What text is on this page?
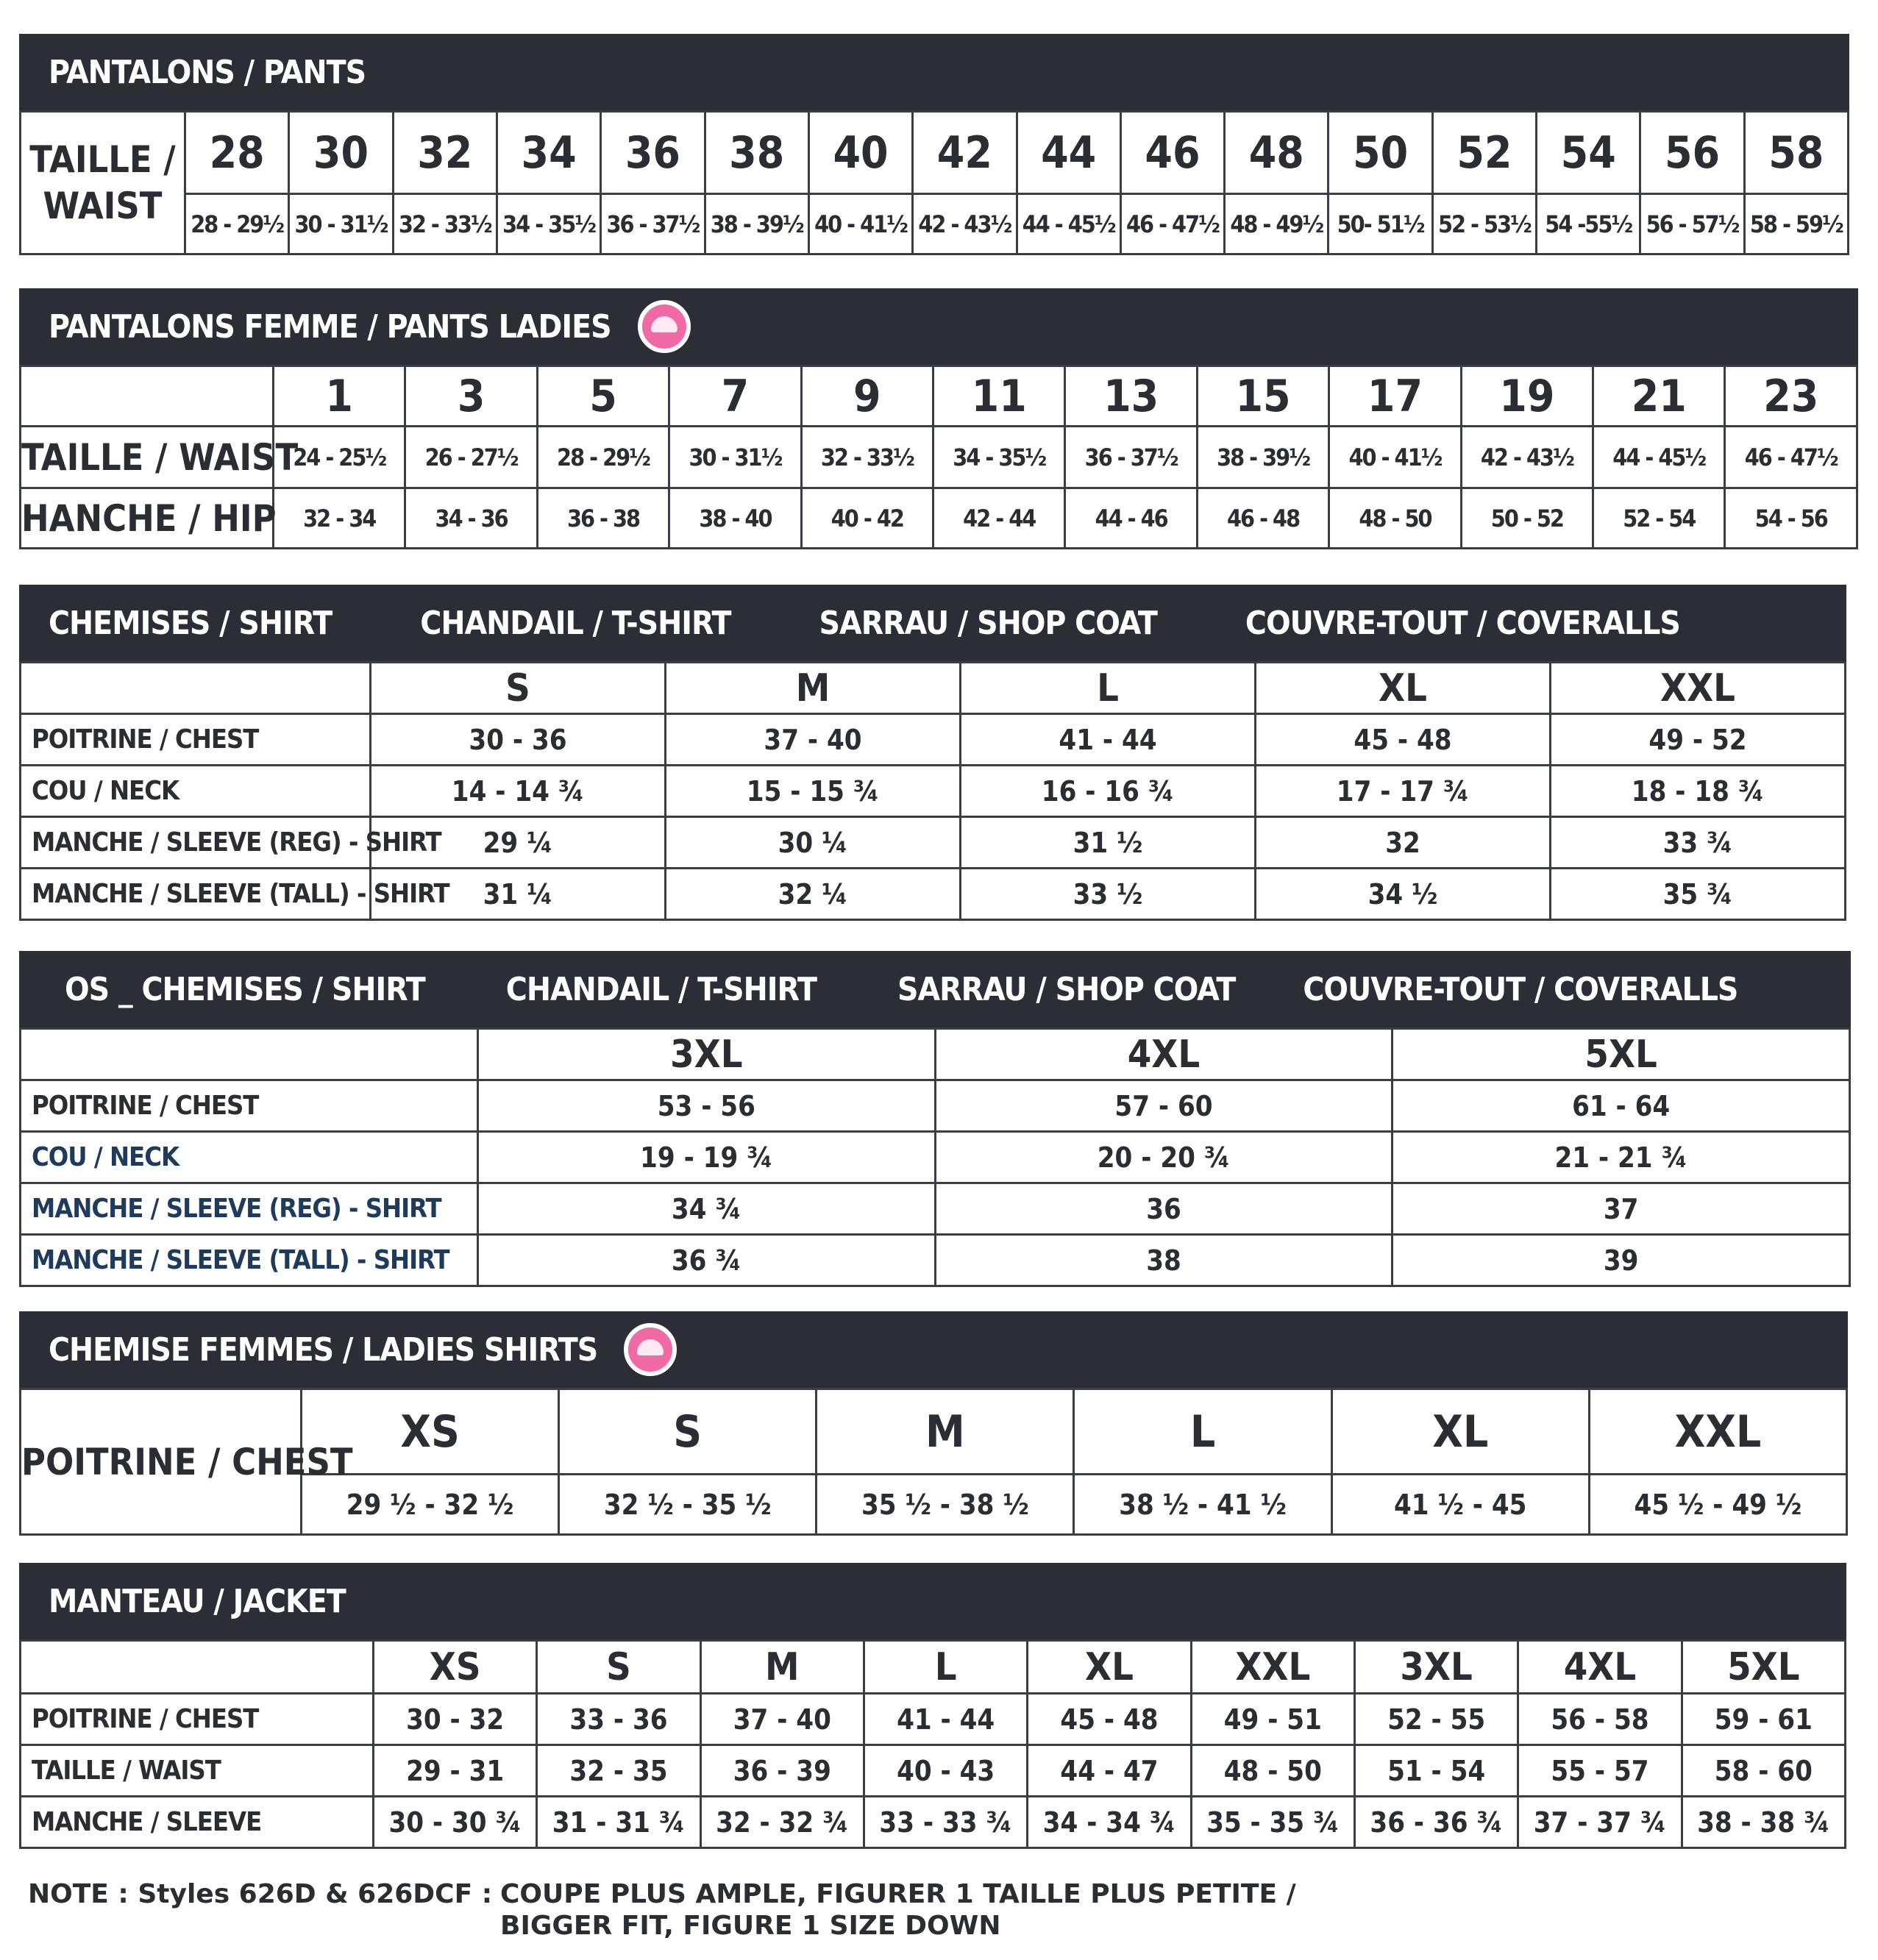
PANTALONS / PANTS
TAILLE / WAIST	28	30	32	34	36	38	40	42	44	46	48	50	52	54	56	58
	28 - 29½	30 - 31½	32 - 33½	34 - 35½	36 - 37½	38 - 39½	40 - 41½	42 - 43½	44 - 45½	46 - 47½	48 - 49½	50- 51½	52 - 53½	54 -55½	56 - 57½	58 - 59½
PANTALONS FEMME / PANTS LADIES
	1	3	5	7	9	11	13	15	17	19	21	23
TAILLE / WAIST	24 - 25½	26 - 27½	28 - 29½	30 - 31½	32 - 33½	34 - 35½	36 - 37½	38 - 39½	40 - 41½	42 - 43½	44 - 45½	46 - 47½
HANCHE / HIP	32 - 34	34 - 36	36 - 38	38 - 40	40 - 42	42 - 44	44 - 46	46 - 48	48 - 50	50 - 52	52 - 54	54 - 56
CHEMISES / SHIRT	CHANDAIL / T-SHIRT	SARRAU / SHOP COAT	COUVRE-TOUT / COVERALLS
	S	M	L	XL	XXL
POITRINE / CHEST	30 - 36	37 - 40	41 - 44	45 - 48	49 - 52
COU / NECK	14 - 14 ¾	15 - 15 ¾	16 - 16 ¾	17 - 17 ¾	18 - 18 ¾
MANCHE / SLEEVE (REG) - SHIRT	29 ¼	30 ¼	31 ½	32	33 ¾
MANCHE / SLEEVE (TALL) - SHIRT	31 ¼	32 ¼	33 ½	34 ½	35 ¾
OS _ CHEMISES / SHIRT	CHANDAIL / T-SHIRT	SARRAU / SHOP COAT COUVRE-TOUT / COVERALLS
	3XL	4XL	5XL
POITRINE / CHEST	53 - 56	57 - 60	61 - 64
COU / NECK	19 - 19 ¾	20 - 20 ¾	21 - 21 ¾
MANCHE / SLEEVE (REG) - SHIRT	34 ¾	36	37
MANCHE / SLEEVE (TALL) - SHIRT	36 ¾	38	39
CHEMISE FEMMES / LADIES SHIRTS
POITRINE / CHEST	XS	S	M	L	XL	XXL
	29 ½ - 32 ½	32 ½ - 35 ½	35 ½ - 38 ½	38 ½ - 41 ½	41 ½ - 45	45 ½ - 49 ½
MANTEAU / JACKET
	XS	S	M	L	XL	XXL	3XL	4XL	5XL
POITRINE / CHEST	30 - 32	33 - 36	37 - 40	41 - 44	45 - 48	49 - 51	52 - 55	56 - 58	59 - 61
TAILLE / WAIST	29 - 31	32 - 35	36 - 39	40 - 43	44 - 47	48 - 50	51 - 54	55 - 57	58 - 60
MANCHE / SLEEVE	30 - 30 ¾	31 - 31 ¾	32 - 32 ¾	33 - 33 ¾	34 - 34 ¾	35 - 35 ¾	36 - 36 ¾	37 - 37 ¾	38 - 38 ¾
NOTE : Styles 626D & 626DCF : COUPE PLUS AMPLE, FIGURER 1 TAILLE PLUS PETITE /
BIGGER FIT, FIGURE 1 SIZE DOWN
